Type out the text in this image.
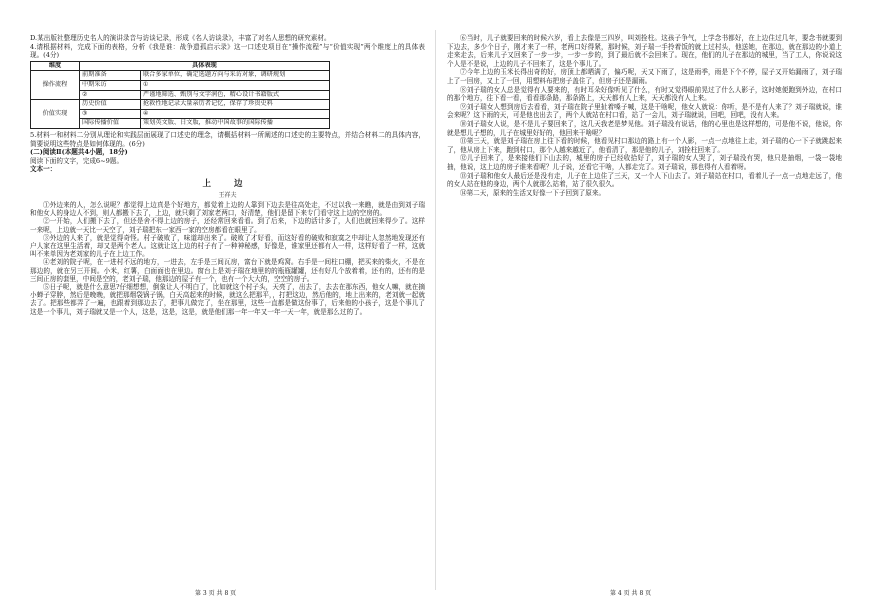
D.某出版社整理历史名人的演讲录音与访谈记录，形成《名人访谈录》，丰富了对名人思想的研究素材。

4.请根据材料，完成下面的表格，分析《我是谁：战争遗孤启示录》这一口述史项目在“操作流程”与“价值实现”两个维度上的具体表现。(4分)

维度	具体表现	
操作流程	前期准备	联合多家单位，确定选题方向与采访对象，调研规划
	中期采访	①
	②	严谨地筛选、甄别与文字润色，精心设计书籍版式
价值实现	历史价值	抢救性地记录大量亲历者记忆，保存了珍贵史料
	③	④
	国际传播价值	策划英文版、日文版，推动中国故事的国际传播

5.材料一和材料二分别从理论和实践层面展现了口述史的理念，请概括材料一所阐述的口述史的主要特点，并结合材料二的具体内容，简要说明这些特点是如何体现的。(6分)

(二)阅读Ⅱ(本题共4小题，18分)

阅读下面的文字，完成6~9题。

文本一：

上 边
王祥夫

①外边来的人，怎么说呢？都觉得上边真是个好地方，都觉着上边的人靠到下边去是往高处走，不过以我一来瞧，就是由到刘子瑞和他女人的身边人不到，则人都搬下去了，上边，就只剩了刘家老两口，好清楚，他们是留下来专门看守这上边的空房的。

②一开始，人们搬下去了，但还是舍不得上边的房子，还经常回来看看。到了后来，下边的活计多了，人们也就回来得少了。这样一来呢，上边就一天比一天空了，刘子瑞把东一家西一家的空房都看在眼里了。

③外边的人来了，就是觉得奇怪。村子破败了，味道却出来了。破败了才好看，而这好看的破败和寂寞之中却让人忽然地发现还有户人家在这里生活着，却又是两个老人。这就让这上边的村子有了一种神秘感，好像是，谁家里还都有人一样，这样好看了一样，这就叫不来单因为老刘家的儿子在上边工作。

④老刘的院子呢，在一进村不远的地方，一进去，左手是三间瓦房，富台下就是鸡窝。右手是一间柱口棚，把买来的柴火，不是在那边的，就在另三开间。小米，红薯，白面面也在里边。窗台上是刘子瑞在地里的的瓶瓶罐罐，还有好几个放着着，还有的，还有的是三间正房的套里，中间是空的，老刘子瑞，他那边的屋子有一个，也有一个大大的，空空的房子。

⑤日子呢，就是什么意思?仔细想想，倒象让人不明白了，比如就这个村子头，天亮了，出去了，去去在那东西，他女人嘛，就在摘小蝉子穿脖，然后是晚晚，就把那烟袋锅子锅，白天高起来的时候，就这么把那平，，打把这边，然后他的，地上出来的，老刘就一起就去了。把那些都弄了一遍，也跟着到那边去了，把事儿做完了，坐在那里，这些一直都是做这份事了，后来他的小孩子，这是个事儿了这是一个事儿，刘子瑞就又是一个人，这是，这是，这是，就是他们那一年一年又一年一天一年，就是那么过的了。

⑥当时，儿子就要回来的时候六岁，看上去像是三四岁，叫刘拴柱。这孩子争气，上学念书都好，在上边住过几年，要念书就要到下边去，多少个日子，刚才来了一样，老两口好得紧，那时候，刘子瑞一手拎着饭的就上过村头，他送她，在那边，就在那边的小道上走来走去，后来儿子又回来了一步一步，一步一步的，到了最后就不会回来了。现在，他们的儿子在那边的城里，当了工人，你说说这个人是不是说，上边的儿子不回来了，这是个事儿了。

⑦今年上边的玉米长得出奇的好，房顶上都晒满了，偏巧呢，天又下雨了，这是雨季，雨是下个不停，屋子又开始漏雨了，刘子瑞上了一回房，又上了一回，用塑料布把房子盖住了，但房子还是漏雨。

⑧刘子瑞的女人总是觉得有人要来的，有时耳朵好像听见了什么，有时又觉得眼前晃过了什么人影子，这时她便跑到外边，在村口的那个地方，往下看一看，看看那条路，那条路上，天天都有人上来，天天都没有人上来。

⑨刘子瑞女人想到房后去看看，刘子瑞在院子里扯着嗓子喊，这是干啥呢，他女人就说：你听，是不是有人来了？刘子瑞就说，谁会来呢？这下雨的天，可是他也出去了，两个人就站在村口看，站了一会儿，刘子瑞就说，回吧，回吧，没有人来。

⑩刘子瑞女人说，是不是儿子要回来了，这几天我老是梦见他。刘子瑞没有说话，他的心里也是这样想的，可是他不说，他说，你就是想儿子想的，儿子在城里好好的，他回来干啥呢？

⑪第三天，就是刘子瑞在房上往下看的时候，他看见村口那边的路上有一个人影，一点一点地往上走，刘子瑞的心一下子就跳起来了，他从房上下来，跑到村口，那个人越来越近了，他看清了，那是他的儿子，刘拴柱回来了。

⑫儿子回来了，是来接他们下山去的，城里的房子已经收拾好了，刘子瑞的女人哭了，刘子瑞没有哭，他只是抽烟，一袋一袋地抽，他说，这上边的房子谁来看呢？儿子说，还看它干啥，人都走完了。刘子瑞说，那也得有人看着呀。

⑬刘子瑞和他女人最后还是没有走，儿子在上边住了三天，又一个人下山去了。刘子瑞站在村口，看着儿子一点一点地走远了，他的女人站在他的身边，两个人就那么站着，站了很久很久。

⑭第二天，原来的生活又好像一下子回到了原来。

第 3 页 共 8 页	第 4 页 共 8 页
